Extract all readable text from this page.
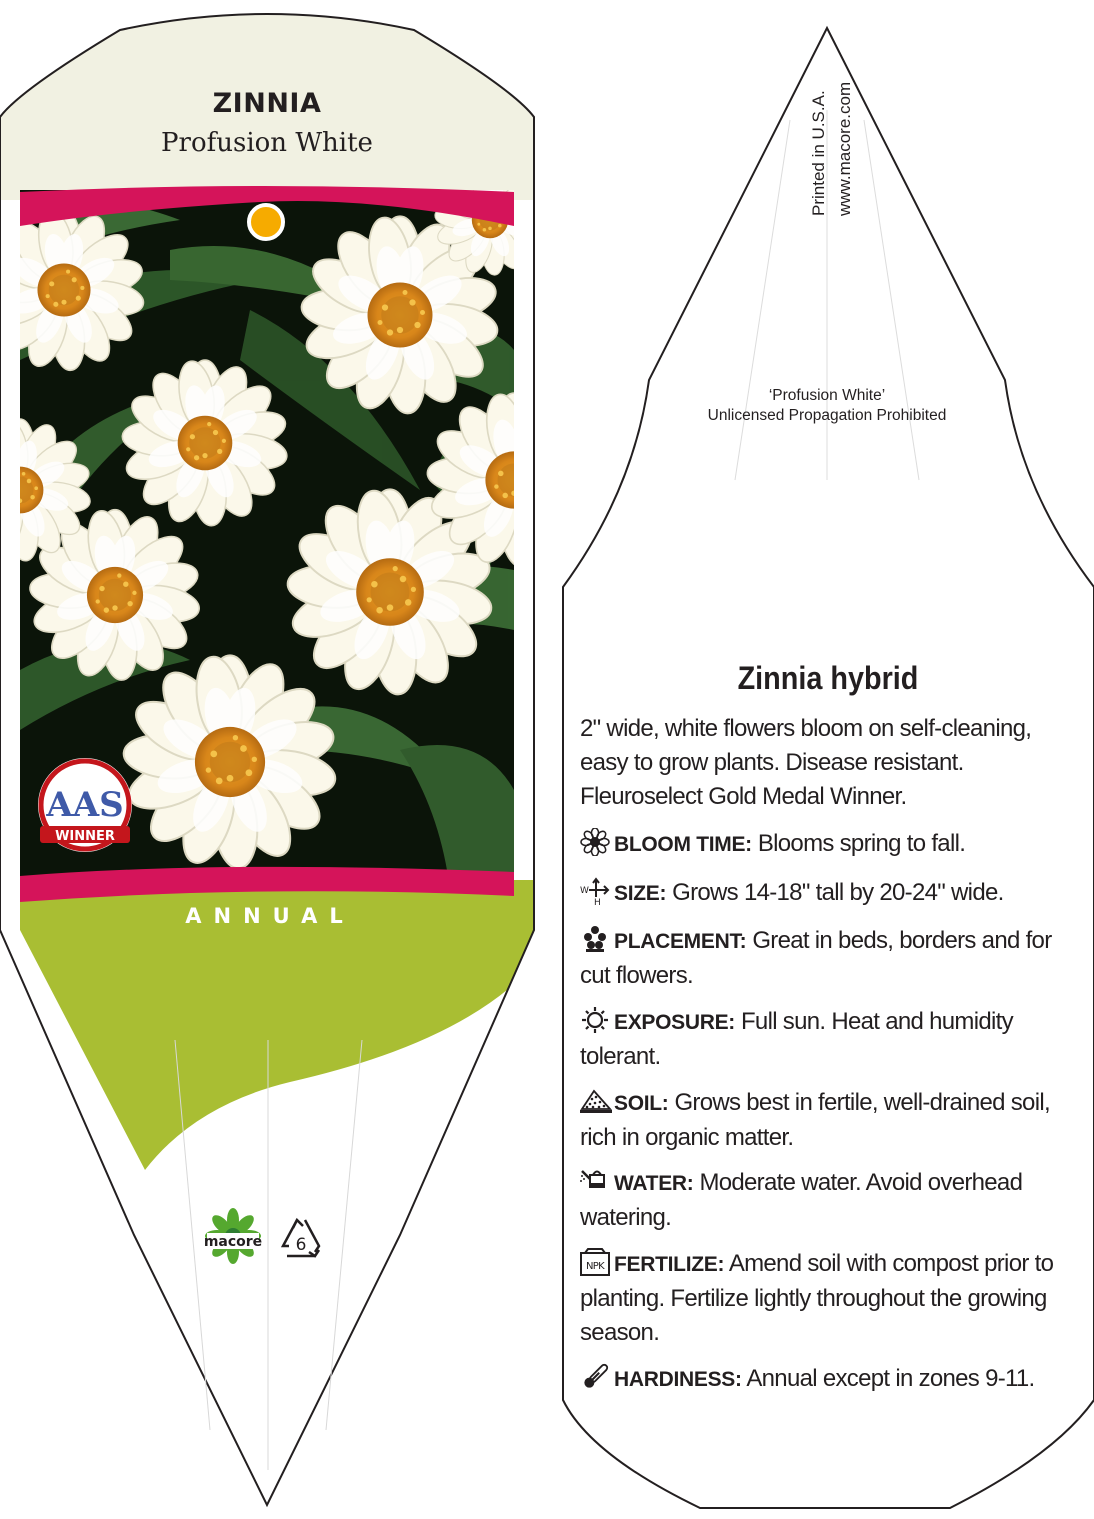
ZINNIA
Profusion White
AAS
WINNER
ANNUAL
macore 6
Printed in U.S.A. www.macore.com
‘Profusion White’
Unlicensed Propagation Prohibited
Zinnia hybrid
2" wide, white flowers bloom on self-cleaning, easy to grow plants. Disease resistant. Fleuroselect Gold Medal Winner.
BLOOM TIME: Blooms spring to fall.
W
H SIZE: Grows 14-18" tall by 20-24" wide.
PLACEMENT: Great in beds, borders and for cut flowers.
EXPOSURE: Full sun. Heat and humidity tolerant.
SOIL: Grows best in fertile, well-drained soil, rich in organic matter.
WATER: Moderate water. Avoid overhead watering.
NPK FERTILIZE: Amend soil with compost prior to planting. Fertilize lightly throughout the growing season.
HARDINESS: Annual except in zones 9-11.
